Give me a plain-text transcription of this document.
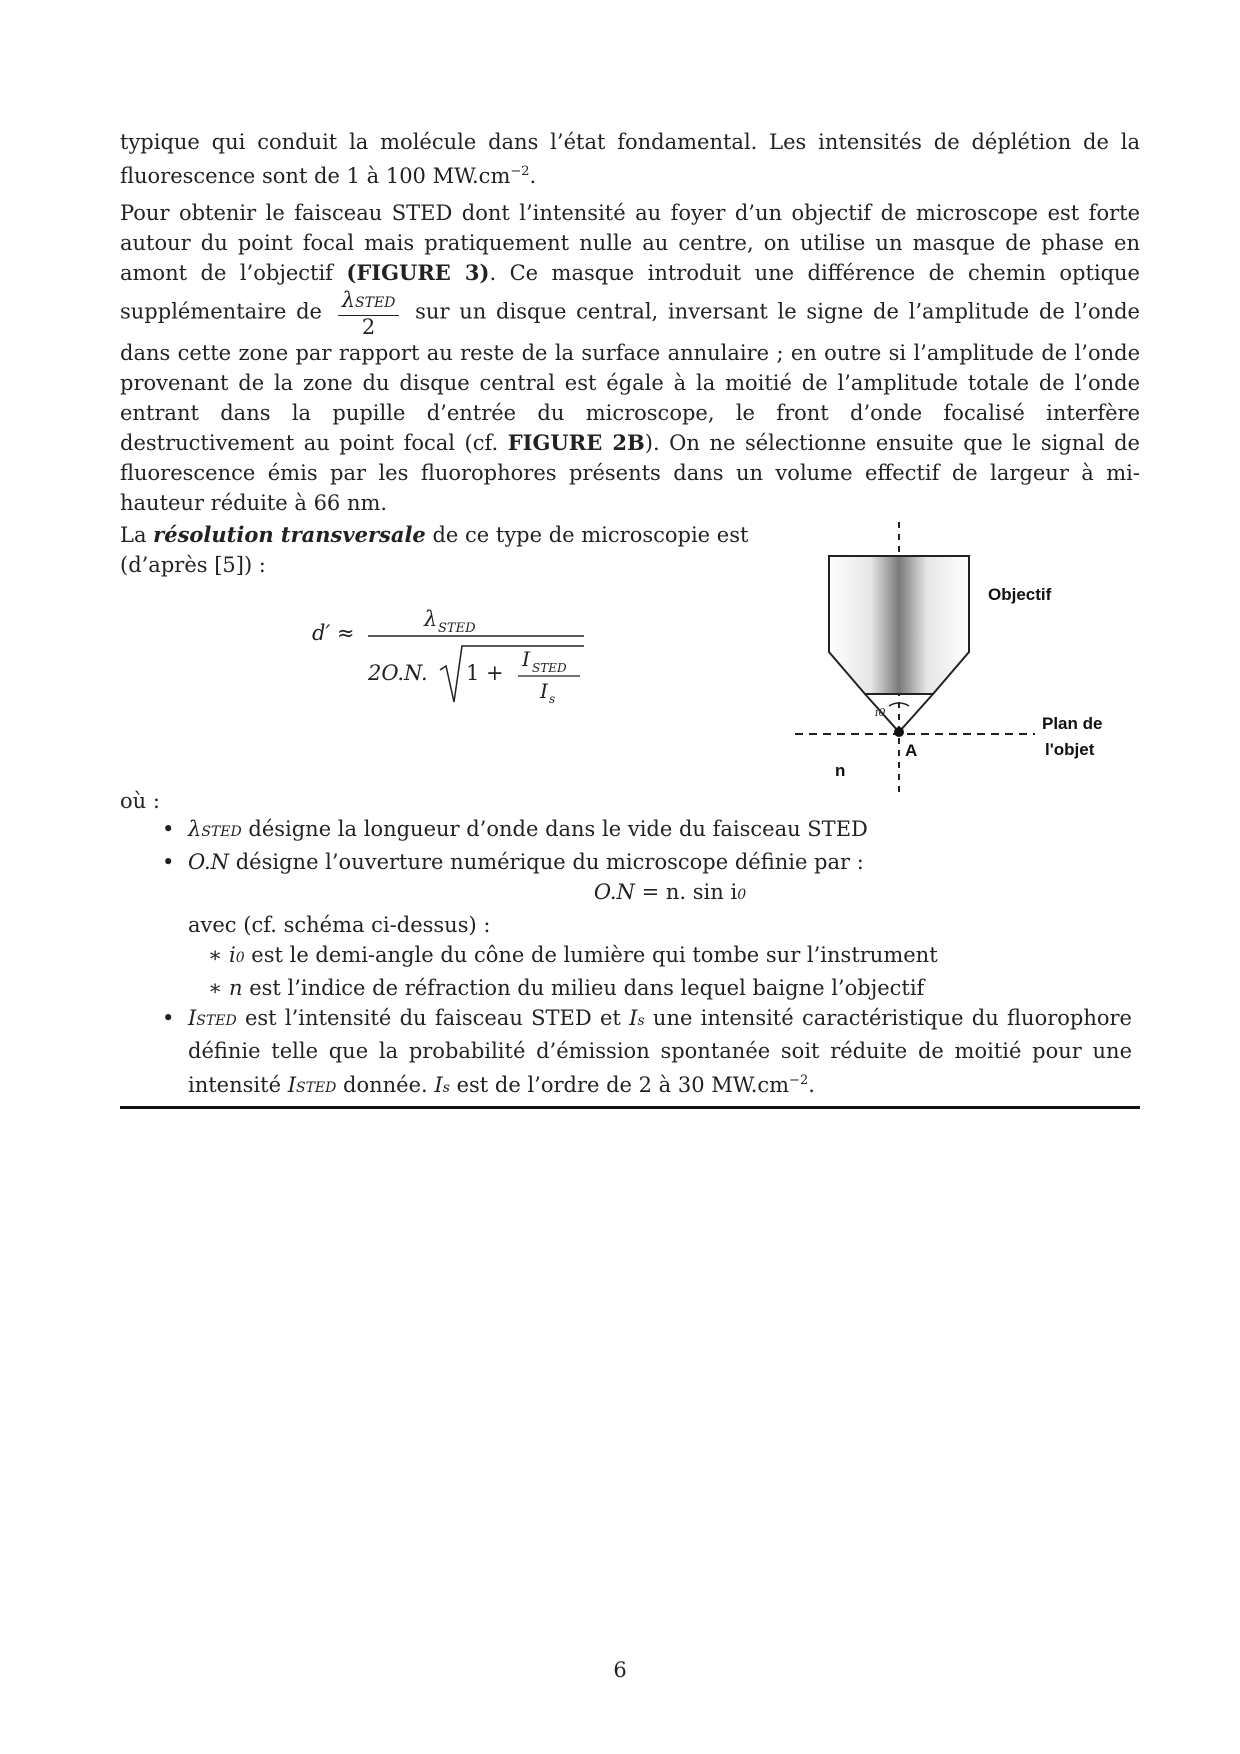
typique qui conduit la molécule dans l’état fondamental. Les intensités de déplétion de la fluorescence sont de 1 à 100 $MW.cm^{-2}$.
Pour obtenir le faisceau STED dont l’intensité au foyer d’un objectif de microscope est forte autour du point focal mais pratiquement nulle au centre, on utilise un masque de phase en amont de l’objectif (FIGURE 3). Ce masque introduit une différence de chemin optique supplémentaire de $\frac{\text{λSTED}}{2}$ sur un disque central, inversant le signe de l’amplitude de l’onde dans cette zone par rapport au reste de la surface annulaire ; en outre si l’amplitude de l’onde provenant de la zone du disque central est égale à la moitié de l’amplitude totale de l’onde entrant dans la pupille d’entrée du microscope, le front d’onde focalisé interfère destructivement au point focal (cf. FIGURE 2B). On ne sélectionne ensuite que le signal de fluorescence émis par les fluorophores présents dans un volume effectif de largeur à mi-hauteur réduite à 66 nm.
La résolution transversale de ce type de microscopie est (d’après [5]) :
d′ ≈
λ STED
2O.N. 1 +
I STED
I s
i0
A
n
Objectif
Plan de
l'objet
où :
• λSTED désigne la longueur d’onde dans le vide du faisceau STED
• O.N désigne l’ouverture numérique du microscope définie par :
O.N = n. sin i0
avec (cf. schéma ci-dessus) :
∗ i0 est le demi-angle du cône de lumière qui tombe sur l’instrument
∗ n est l’indice de réfraction du milieu dans lequel baigne l’objectif
• ISTED est l’intensité du faisceau STED et Is une intensité caractéristique du fluorophore définie telle que la probabilité d’émission spontanée soit réduite de moitié pour une intensité ISTED donnée. Is est de l’ordre de 2 à 30 $MW.cm^{-2}$.
6
